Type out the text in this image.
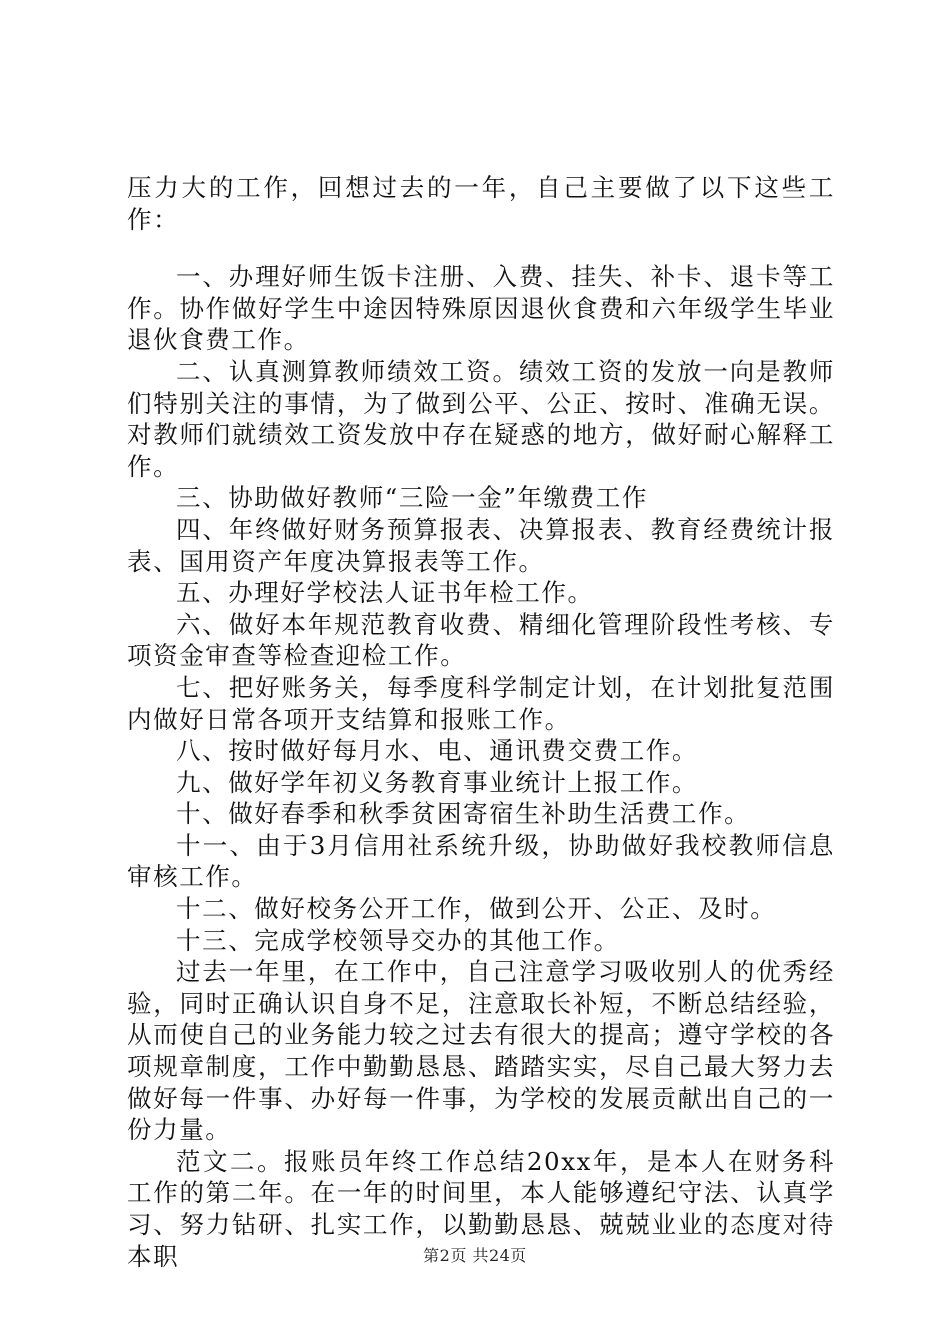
压力大的工作，回想过去的一年，自己主要做了以下这些工作：

一、办理好师生饭卡注册、入费、挂失、补卡、退卡等工作。协作做好学生中途因特殊原因退伙食费和六年级学生毕业退伙食费工作。

二、认真测算教师绩效工资。绩效工资的发放一向是教师们特别关注的事情，为了做到公平、公正、按时、准确无误。对教师们就绩效工资发放中存在疑惑的地方，做好耐心解释工作。

三、协助做好教师“三险一金”年缴费工作

四、年终做好财务预算报表、决算报表、教育经费统计报表、国用资产年度决算报表等工作。

五、办理好学校法人证书年检工作。

六、做好本年规范教育收费、精细化管理阶段性考核、专项资金审查等检查迎检工作。

七、把好账务关，每季度科学制定计划，在计划批复范围内做好日常各项开支结算和报账工作。

八、按时做好每月水、电、通讯费交费工作。

九、做好学年初义务教育事业统计上报工作。

十、做好春季和秋季贫困寄宿生补助生活费工作。

十一、由于3月信用社系统升级，协助做好我校教师信息审核工作。

十二、做好校务公开工作，做到公开、公正、及时。

十三、完成学校领导交办的其他工作。

过去一年里，在工作中，自己注意学习吸收别人的优秀经验，同时正确认识自身不足，注意取长补短，不断总结经验，从而使自己的业务能力较之过去有很大的提高；遵守学校的各项规章制度，工作中勤勤恳恳、踏踏实实，尽自己最大努力去做好每一件事、办好每一件事，为学校的发展贡献出自己的一份力量。

范文二。报账员年终工作总结20xx年，是本人在财务科工作的第二年。在一年的时间里，本人能够遵纪守法、认真学习、努力钻研、扎实工作，以勤勤恳恳、兢兢业业的态度对待本职	第2页 共24页
